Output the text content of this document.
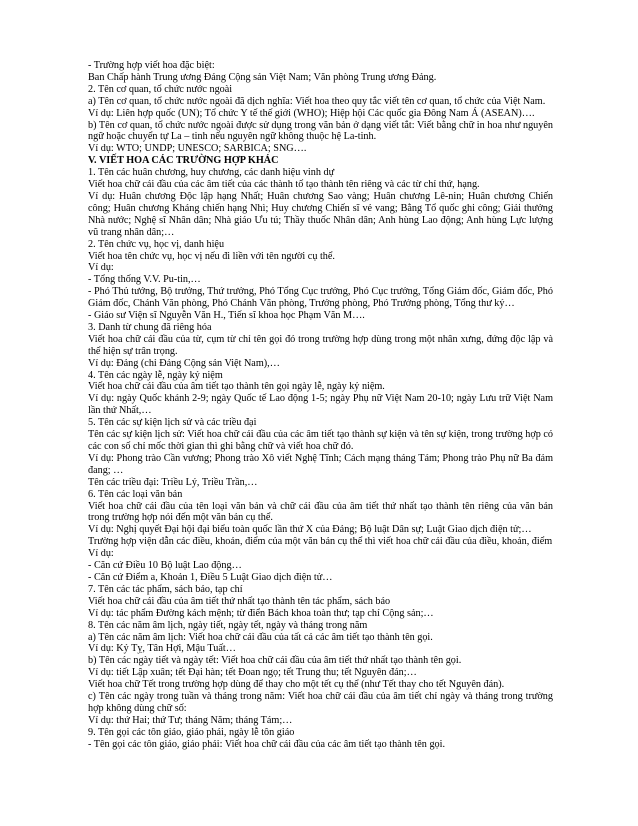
- Trường hợp viết hoa đặc biệt:

Ban Chấp hành Trung ương Đảng Cộng sản Việt Nam; Văn phòng Trung ương Đảng.

2. Tên cơ quan, tổ chức nước ngoài

a) Tên cơ quan, tổ chức nước ngoài đã dịch nghĩa: Viết hoa theo quy tắc viết tên cơ quan, tổ chức của Việt Nam.

Ví dụ: Liên hợp quốc (UN); Tổ chức Y tế thế giới (WHO); Hiệp hội Các quốc gia Đông Nam Á (ASEAN)….

b) Tên cơ quan, tổ chức nước ngoài được sử dụng trong văn bản ở dạng viết tắt: Viết bằng chữ in hoa như nguyên ngữ hoặc chuyển tự La – tinh nếu nguyên ngữ không thuộc hệ La-tinh.

Ví dụ: WTO; UNDP; UNESCO; SARBICA; SNG….

V. VIẾT HOA CÁC TRƯỜNG HỢP KHÁC

1. Tên các huân chương, huy chương, các danh hiệu vinh dự

Viết hoa chữ cái đầu của các âm tiết của các thành tố tạo thành tên riêng và các từ chỉ thứ, hạng.

Ví dụ: Huân chương Độc lập hạng Nhất; Huân chương Sao vàng; Huân chương Lê-nin; Huân chương Chiến công; Huân chương Kháng chiến hạng Nhì; Huy chương Chiến sĩ vẻ vang; Bằng Tổ quốc ghi công; Giải thưởng Nhà nước; Nghệ sĩ Nhân dân; Nhà giáo Ưu tú; Thầy thuốc Nhân dân; Anh hùng Lao động; Anh hùng Lực lượng vũ trang nhân dân;…

2. Tên chức vụ, học vị, danh hiệu

Viết hoa tên chức vụ, học vị nếu đi liền với tên người cụ thể.

Ví dụ:

- Tổng thống V.V. Pu-tin,…

- Phó Thủ tướng, Bộ trưởng, Thứ trưởng, Phó Tổng Cục trưởng, Phó Cục trưởng, Tổng Giám đốc, Giám đốc, Phó Giám đốc, Chánh Văn phòng, Phó Chánh Văn phòng, Trưởng phòng, Phó Trưởng phòng, Tổng thư ký…

- Giáo sư Viện sĩ Nguyễn Văn H., Tiến sĩ khoa học Phạm Văn M….

3. Danh từ chung đã riêng hóa

Viết hoa chữ cái đầu của từ, cụm từ chỉ tên gọi đó trong trường hợp dùng trong một nhân xưng, đứng độc lập và thể hiện sự trân trọng.

Ví dụ: Đảng (chỉ Đảng Cộng sản Việt Nam),…

4. Tên các ngày lễ, ngày kỷ niệm

Viết hoa chữ cái đầu của âm tiết tạo thành tên gọi ngày lễ, ngày kỷ niệm.

Ví dụ: ngày Quốc khánh 2-9; ngày Quốc tế Lao động 1-5; ngày Phụ nữ Việt Nam 20-10; ngày Lưu trữ Việt Nam lần thứ Nhất,…

5. Tên các sự kiện lịch sử và các triều đại

Tên các sự kiện lịch sử: Viết hoa chữ cái đầu của các âm tiết tạo thành sự kiện và tên sự kiện, trong trường hợp có các con số chỉ mốc thời gian thì ghi bằng chữ và viết hoa chữ đó.

Ví dụ: Phong trào Cần vương; Phong trào Xô viết Nghệ Tĩnh; Cách mạng tháng Tám; Phong trào Phụ nữ Ba đảm đang; …

Tên các triều đại: Triều Lý, Triều Trần,…

6. Tên các loại văn bản

Viết hoa chữ cái đầu của tên loại văn bản và chữ cái đầu của âm tiết thứ nhất tạo thành tên riêng của văn bản trong trường hợp nói đến một văn bản cụ thể.

Ví dụ: Nghị quyết Đại hội đại biểu toàn quốc lần thứ X của Đảng; Bộ luật Dân sự; Luật Giao dịch điện tử;…

Trường hợp viện dẫn các điều, khoản, điểm của một văn bản cụ thể thì viết hoa chữ cái đầu của điều, khoản, điểm

Ví dụ:

- Căn cứ Điều 10 Bộ luật Lao động…

- Căn cứ Điểm a, Khoản 1, Điều 5 Luật Giao dịch điện tử…

7. Tên các tác phẩm, sách báo, tạp chí

Viết hoa chữ cái đầu của âm tiết thứ nhất tạo thành tên tác phẩm, sách báo

Ví dụ: tác phẩm Đường kách mệnh; từ điển Bách khoa toàn thư; tạp chí Cộng sản;…

8. Tên các năm âm lịch, ngày tiết, ngày tết, ngày và tháng trong năm

a) Tên các năm âm lịch: Viết hoa chữ cái đầu của tất cả các âm tiết tạo thành tên gọi.

Ví dụ: Kỷ Tỵ, Tân Hợi, Mậu Tuất…

b) Tên các ngày tiết và ngày tết: Viết hoa chữ cái đầu của âm tiết thứ nhất tạo thành tên gọi.

Ví dụ: tiết Lập xuân; tết Đại hàn; tết Đoan ngọ; tết Trung thu; tết Nguyên đán;…

Viết hoa chữ Tết trong trường hợp dùng để thay cho một tết cụ thể (như Tết thay cho tết Nguyên đán).

c) Tên các ngày trong tuần và tháng trong năm: Viết hoa chữ cái đầu của âm tiết chỉ ngày và tháng trong trường hợp không dùng chữ số:

Ví dụ: thứ Hai; thứ Tư; tháng Năm; tháng Tám;…

9. Tên gọi các tôn giáo, giáo phái, ngày lễ tôn giáo

- Tên gọi các tôn giáo, giáo phái: Viết hoa chữ cái đầu của các âm tiết tạo thành tên gọi.
